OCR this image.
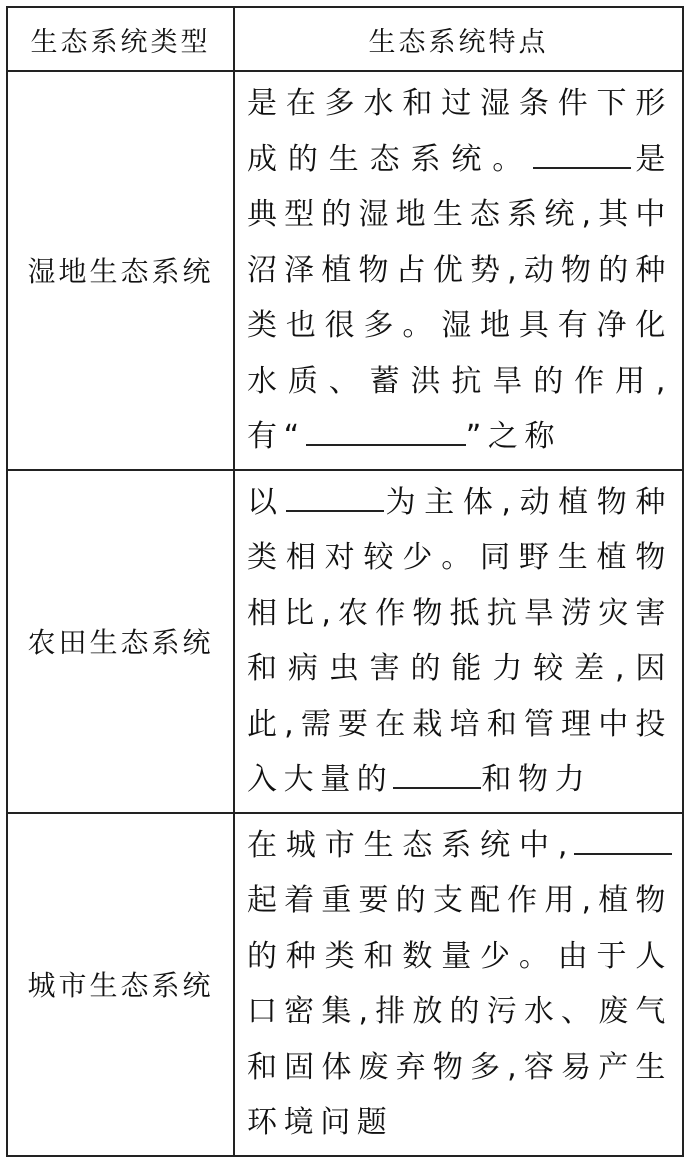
生态系统类型	生态系统特点
湿地生态系统	是在多水和过湿条件下形成的生态系统。 是典型的湿地生态系统,其中沼泽植物占优势,动物的种类也很多。湿地具有净化水质、蓄洪抗旱的作用,有“ ”之称
农田生态系统	以 为主体,动植物种类相对较少。同野生植物相比,农作物抵抗旱涝灾害和病虫害的能力较差,因此,需要在栽培和管理中投入大量的 和物力
城市生态系统	在城市生态系统中,起着重要的支配作用,植物的种类和数量少。由于人口密集,排放的污水、废气和固体废弃物多,容易产生环境问题
